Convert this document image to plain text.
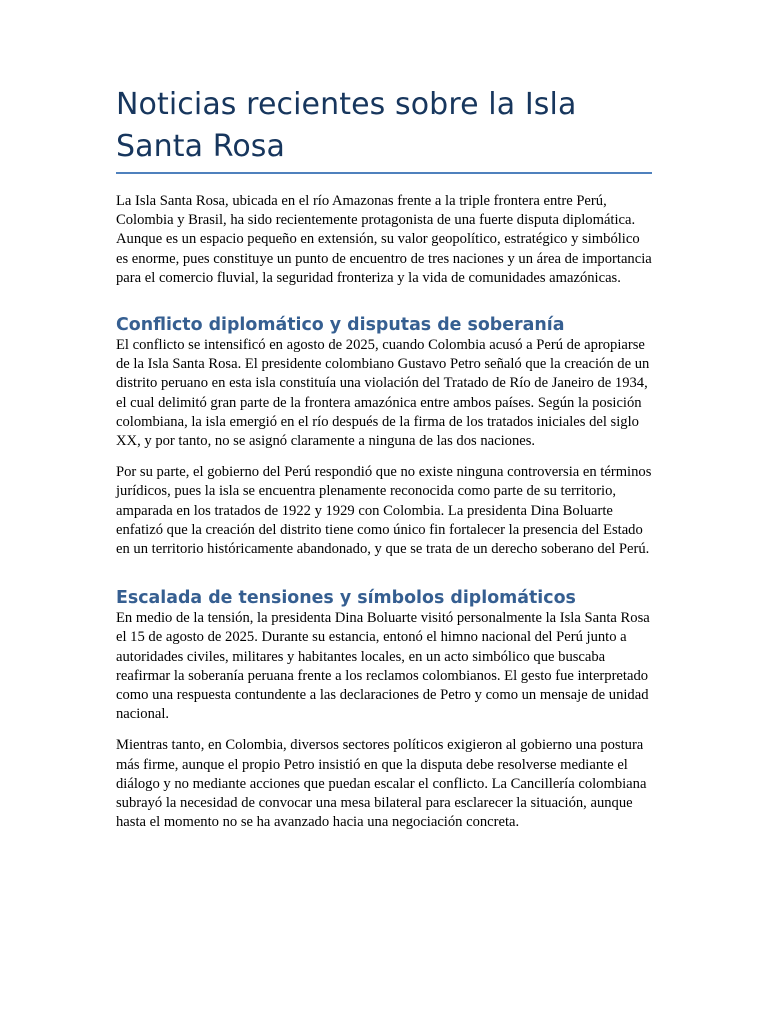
Noticias recientes sobre la Isla Santa Rosa

La Isla Santa Rosa, ubicada en el río Amazonas frente a la triple frontera entre Perú, Colombia y Brasil, ha sido recientemente protagonista de una fuerte disputa diplomática. Aunque es un espacio pequeño en extensión, su valor geopolítico, estratégico y simbólico es enorme, pues constituye un punto de encuentro de tres naciones y un área de importancia para el comercio fluvial, la seguridad fronteriza y la vida de comunidades amazónicas.

Conflicto diplomático y disputas de soberanía

El conflicto se intensificó en agosto de 2025, cuando Colombia acusó a Perú de apropiarse de la Isla Santa Rosa. El presidente colombiano Gustavo Petro señaló que la creación de un distrito peruano en esta isla constituía una violación del Tratado de Río de Janeiro de 1934, el cual delimitó gran parte de la frontera amazónica entre ambos países. Según la posición colombiana, la isla emergió en el río después de la firma de los tratados iniciales del siglo XX, y por tanto, no se asignó claramente a ninguna de las dos naciones.

Por su parte, el gobierno del Perú respondió que no existe ninguna controversia en términos jurídicos, pues la isla se encuentra plenamente reconocida como parte de su territorio, amparada en los tratados de 1922 y 1929 con Colombia. La presidenta Dina Boluarte enfatizó que la creación del distrito tiene como único fin fortalecer la presencia del Estado en un territorio históricamente abandonado, y que se trata de un derecho soberano del Perú.

Escalada de tensiones y símbolos diplomáticos

En medio de la tensión, la presidenta Dina Boluarte visitó personalmente la Isla Santa Rosa el 15 de agosto de 2025. Durante su estancia, entonó el himno nacional del Perú junto a autoridades civiles, militares y habitantes locales, en un acto simbólico que buscaba reafirmar la soberanía peruana frente a los reclamos colombianos. El gesto fue interpretado como una respuesta contundente a las declaraciones de Petro y como un mensaje de unidad nacional.

Mientras tanto, en Colombia, diversos sectores políticos exigieron al gobierno una postura más firme, aunque el propio Petro insistió en que la disputa debe resolverse mediante el diálogo y no mediante acciones que puedan escalar el conflicto. La Cancillería colombiana subrayó la necesidad de convocar una mesa bilateral para esclarecer la situación, aunque hasta el momento no se ha avanzado hacia una negociación concreta.
